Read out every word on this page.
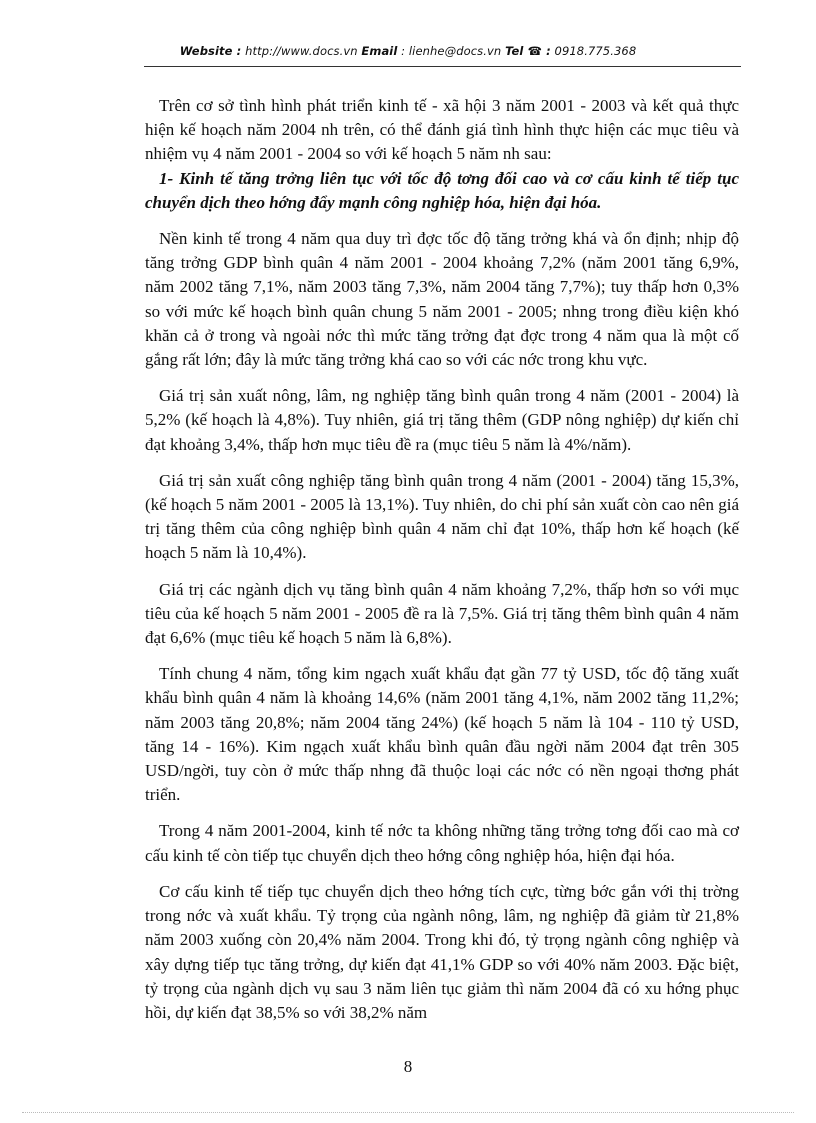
Website : http://www.docs.vn Email : lienhe@docs.vn Tel ☎ : 0918.775.368

Trên cơ sở tình hình phát triển kinh tế - xã hội 3 năm 2001 - 2003 và kết quả thực hiện kế hoạch năm 2004 nh trên, có thể đánh giá tình hình thực hiện các mục tiêu và nhiệm vụ 4 năm 2001 - 2004 so với kế hoạch 5 năm nh sau:

1- Kinh tế tăng trởng liên tục với tốc độ tơng đối cao và cơ cấu kinh tế tiếp tục chuyển dịch theo hớng đẩy mạnh công nghiệp hóa, hiện đại hóa.

Nền kinh tế trong 4 năm qua duy trì đợc tốc độ tăng trởng khá và ổn định; nhịp độ tăng trởng GDP bình quân 4 năm 2001 - 2004 khoảng 7,2% (năm 2001 tăng 6,9%, năm 2002 tăng 7,1%, năm 2003 tăng 7,3%, năm 2004 tăng 7,7%); tuy thấp hơn 0,3% so với mức kế hoạch bình quân chung 5 năm 2001 - 2005; nhng trong điều kiện khó khăn cả ở trong và ngoài nớc thì mức tăng trởng đạt đợc trong 4 năm qua là một cố gắng rất lớn; đây là mức tăng trởng khá cao so với các nớc trong khu vực.

Giá trị sản xuất nông, lâm, ng nghiệp tăng bình quân trong 4 năm (2001 - 2004) là 5,2% (kế hoạch là 4,8%). Tuy nhiên, giá trị tăng thêm (GDP nông nghiệp) dự kiến chỉ đạt khoảng 3,4%, thấp hơn mục tiêu đề ra (mục tiêu 5 năm là 4%/năm).

Giá trị sản xuất công nghiệp tăng bình quân trong 4 năm (2001 - 2004) tăng 15,3%, (kế hoạch 5 năm 2001 - 2005 là 13,1%). Tuy nhiên, do chi phí sản xuất còn cao nên giá trị tăng thêm của công nghiệp bình quân 4 năm chỉ đạt 10%, thấp hơn kế hoạch (kế hoạch 5 năm là 10,4%).

Giá trị các ngành dịch vụ tăng bình quân 4 năm khoảng 7,2%, thấp hơn so với mục tiêu của kế hoạch 5 năm 2001 - 2005 đề ra là 7,5%. Giá trị tăng thêm bình quân 4 năm đạt 6,6% (mục tiêu kế hoạch 5 năm là 6,8%).

Tính chung 4 năm, tổng kim ngạch xuất khẩu đạt gần 77 tỷ USD, tốc độ tăng xuất khẩu bình quân 4 năm là khoảng 14,6% (năm 2001 tăng 4,1%, năm 2002 tăng 11,2%; năm 2003 tăng 20,8%; năm 2004 tăng 24%) (kế hoạch 5 năm là 104 - 110 tỷ USD, tăng 14 - 16%). Kim ngạch xuất khẩu bình quân đầu ngời năm 2004 đạt trên 305 USD/ngời, tuy còn ở mức thấp nhng đã thuộc loại các nớc có nền ngoại thơng phát triển.

Trong 4 năm 2001-2004, kinh tế nớc ta không những tăng trởng tơng đối cao mà cơ cấu kinh tế còn tiếp tục chuyển dịch theo hớng công nghiệp hóa, hiện đại hóa.

Cơ cấu kinh tế tiếp tục chuyển dịch theo hớng tích cực, từng bớc gắn với thị trờng trong nớc và xuất khẩu. Tỷ trọng của ngành nông, lâm, ng nghiệp đã giảm từ 21,8% năm 2003 xuống còn 20,4% năm 2004. Trong khi đó, tỷ trọng ngành công nghiệp và xây dựng tiếp tục tăng trởng, dự kiến đạt 41,1% GDP so với 40% năm 2003. Đặc biệt, tỷ trọng của ngành dịch vụ sau 3 năm liên tục giảm thì năm 2004 đã có xu hớng phục hồi, dự kiến đạt 38,5% so với 38,2% năm

8
